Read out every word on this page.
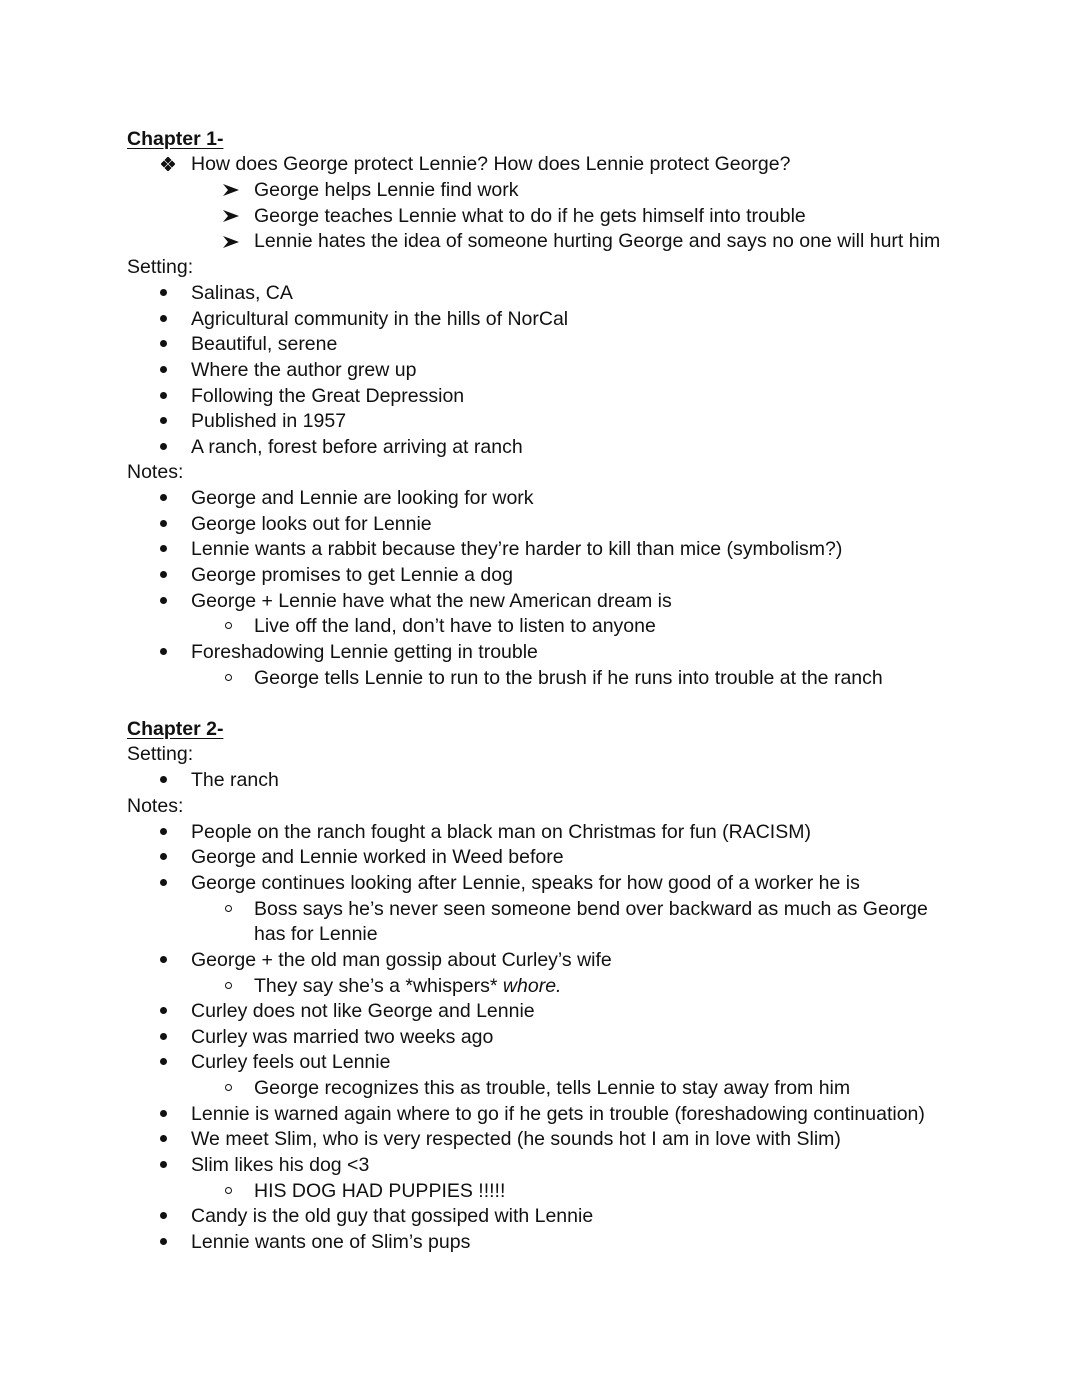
Chapter 1-
How does George protect Lennie? How does Lennie protect George?
George helps Lennie find work
George teaches Lennie what to do if he gets himself into trouble
Lennie hates the idea of someone hurting George and says no one will hurt him
Setting:
Salinas, CA
Agricultural community in the hills of NorCal
Beautiful, serene
Where the author grew up
Following the Great Depression
Published in 1957
A ranch, forest before arriving at ranch
Notes:
George and Lennie are looking for work
George looks out for Lennie
Lennie wants a rabbit because they’re harder to kill than mice (symbolism?)
George promises to get Lennie a dog
George + Lennie have what the new American dream is
Live off the land, don’t have to listen to anyone
Foreshadowing Lennie getting in trouble
George tells Lennie to run to the brush if he runs into trouble at the ranch
Chapter 2-
Setting:
The ranch
Notes:
People on the ranch fought a black man on Christmas for fun (RACISM)
George and Lennie worked in Weed before
George continues looking after Lennie, speaks for how good of a worker he is
Boss says he’s never seen someone bend over backward as much as George
has for Lennie
George + the old man gossip about Curley’s wife
They say she’s a *whispers* whore.
Curley does not like George and Lennie
Curley was married two weeks ago
Curley feels out Lennie
George recognizes this as trouble, tells Lennie to stay away from him
Lennie is warned again where to go if he gets in trouble (foreshadowing continuation)
We meet Slim, who is very respected (he sounds hot I am in love with Slim)
Slim likes his dog <3
HIS DOG HAD PUPPIES !!!!!
Candy is the old guy that gossiped with Lennie
Lennie wants one of Slim’s pups
